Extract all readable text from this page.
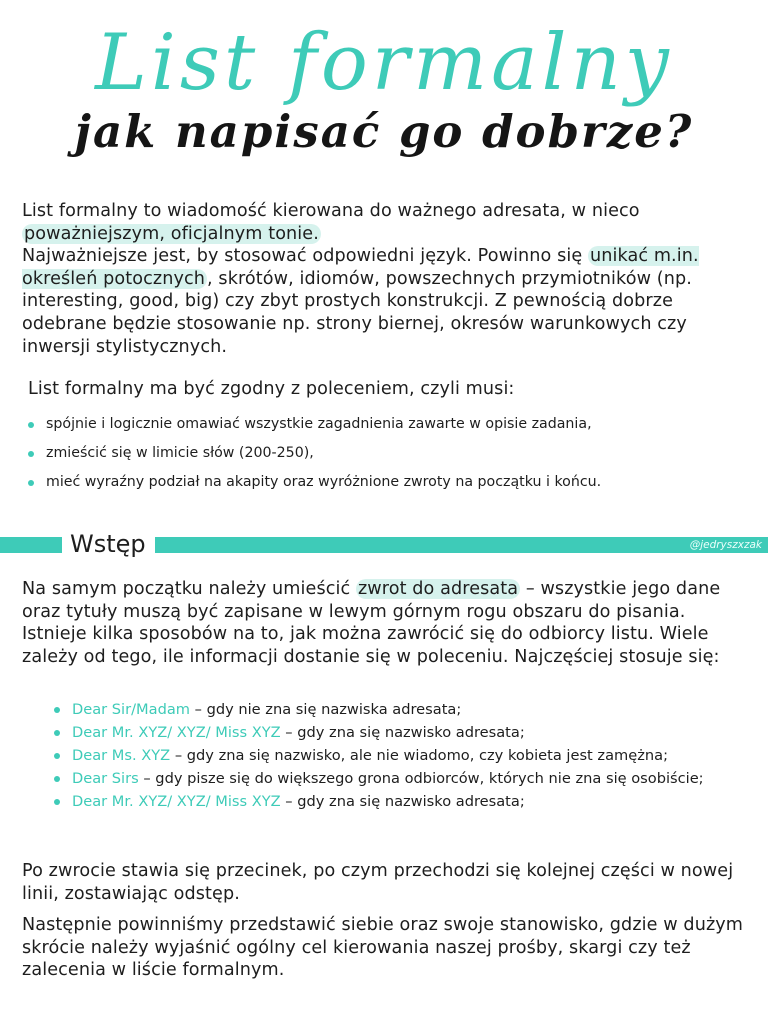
List formalny
jak napisać go dobrze?
List formalny to wiadomość kierowana do ważnego adresata, w nieco poważniejszym, oficjalnym tonie.
Najważniejsze jest, by stosować odpowiedni język. Powinno się unikać m.in. określeń potocznych , skrótów, idiomów, powszechnych przymiotników (np. interesting, good, big) czy zbyt prostych konstrukcji. Z pewnością dobrze odebrane będzie stosowanie np. strony biernej, okresów warunkowych czy inwersji stylistycznych.
List formalny ma być zgodny z poleceniem, czyli musi:
spójnie i logicznie omawiać wszystkie zagadnienia zawarte w opisie zadania,
zmieścić się w limicie słów (200-250),
mieć wyraźny podział na akapity oraz wyróżnione zwroty na początku i końcu.
Wstęp	@jedryszxzak
Na samym początku należy umieścić zwrot do adresata – wszystkie jego dane oraz tytuły muszą być zapisane w lewym górnym rogu obszaru do pisania. Istnieje kilka sposobów na to, jak można zawrócić się do odbiorcy listu. Wiele zależy od tego, ile informacji dostanie się w poleceniu. Najczęściej stosuje się:
Dear Sir/Madam – gdy nie zna się nazwiska adresata;
Dear Mr. XYZ/ XYZ/ Miss XYZ – gdy zna się nazwisko adresata;
Dear Ms. XYZ – gdy zna się nazwisko, ale nie wiadomo, czy kobieta jest zamężna;
Dear Sirs – gdy pisze się do większego grona odbiorców, których nie zna się osobiście;
Dear Mr. XYZ/ XYZ/ Miss XYZ – gdy zna się nazwisko adresata;
Po zwrocie stawia się przecinek, po czym przechodzi się kolejnej części w nowej linii, zostawiając odstęp.
Następnie powinniśmy przedstawić siebie oraz swoje stanowisko, gdzie w dużym skrócie należy wyjaśnić ogólny cel kierowania naszej prośby, skargi czy też zalecenia w liście formalnym.
